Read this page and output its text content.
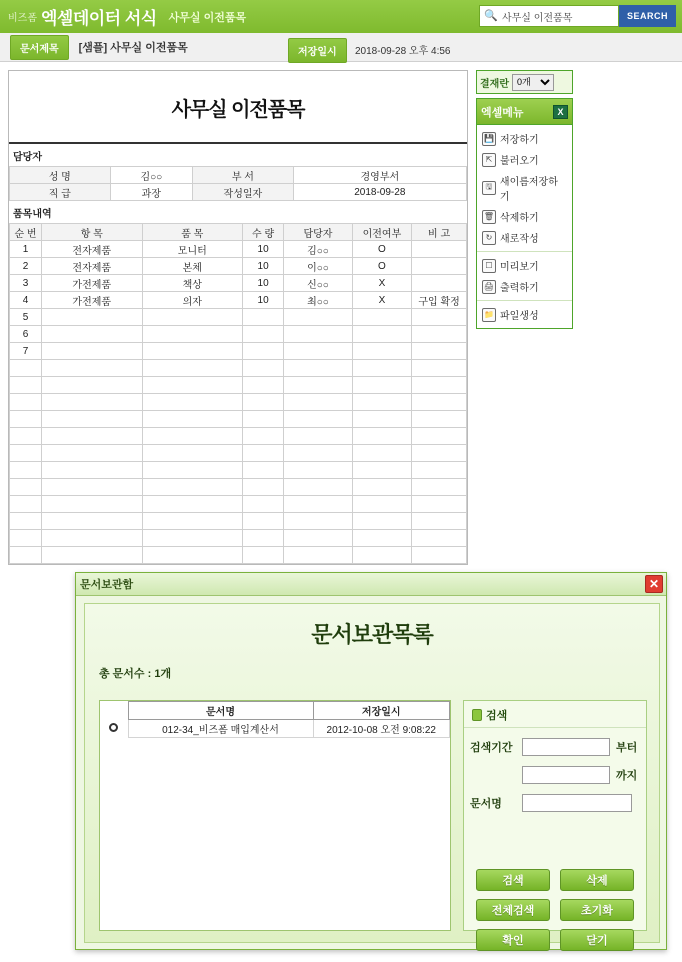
비즈폼 엑셀데이터 서식 사무실 이전품목	🔍
사무실 이전품목	SEARCH
문서제목	[샘플] 사무실 이전품목	저장일시	2018-09-28 오후 4:56
사무실 이전품목
담당자
성 명	김○○	부 서	경영부서
직 급	과장	작성일자	2018-09-28
품목내역
순 번	항 목	품 목	수 량	담당자	이전여부	비 고
1	전자제품	모니터	10	김○○	O	
2	전자제품	본체	10	이○○	O	
3	가전제품	책상	10	신○○	X	
4	가전제품	의자	10	최○○	X	구입 확정
5						
6						
7						

결재란
0개
엑셀메뉴	X
💾 저장하기
⇱ 불러오기
🖫 새이름저장하기
🗑 삭제하기
↻ 새로작성
☐ 미리보기
🖨 출력하기
📁 파일생성
문서보관함	✕
문서보관목록
총 문서수 : 1개
	문서명	저장일시
	012-34_비즈폼 매입계산서	2012-10-08 오전 9:08:22
검색
검색기간	부터
까지
문서명
검색	삭제
전체검색	초기화
확인	닫기
